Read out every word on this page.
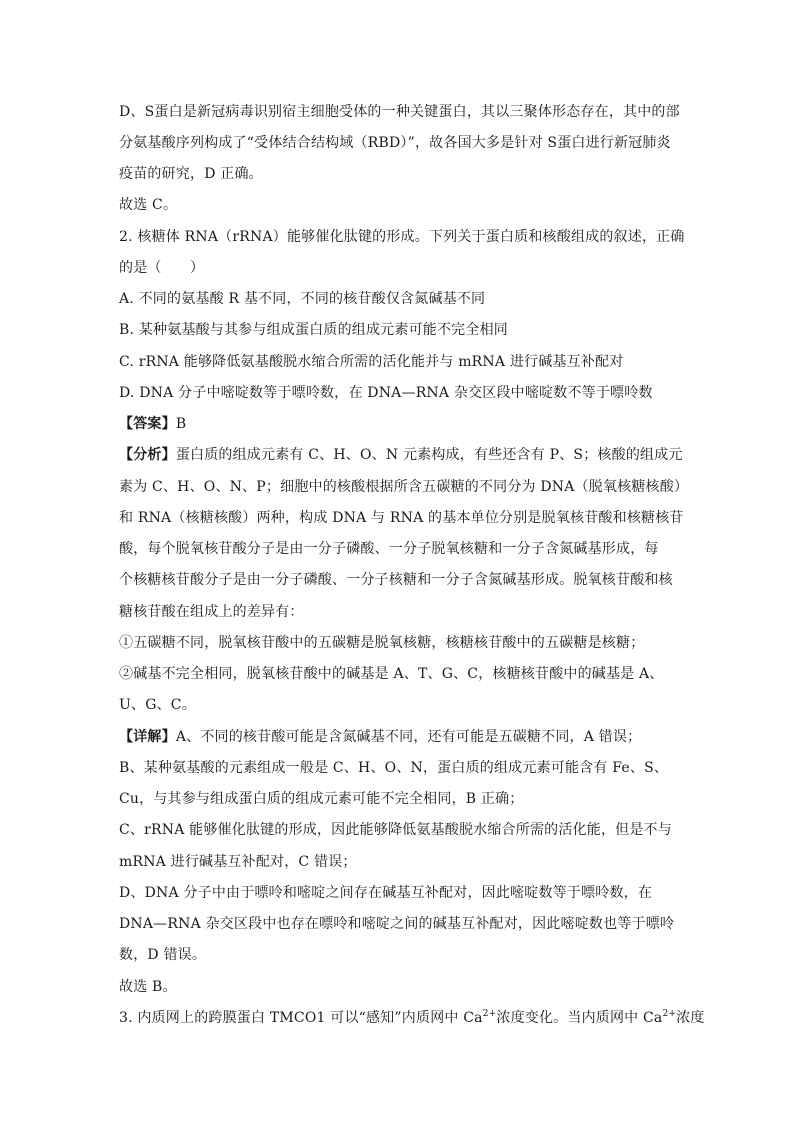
D、S蛋白是新冠病毒识别宿主细胞受体的一种关键蛋白，其以三聚体形态存在，其中的部
分氨基酸序列构成了“受体结合结构域（RBD）”，故各国大多是针对 S蛋白进行新冠肺炎
疫苗的研究，D 正确。
故选 C。
2. 核糖体 RNA（rRNA）能够催化肽键的形成。下列关于蛋白质和核酸组成的叙述，正确
的是（　　）
A. 不同的氨基酸 R 基不同，不同的核苷酸仅含氮碱基不同
B. 某种氨基酸与其参与组成蛋白质的组成元素可能不完全相同
C. rRNA 能够降低氨基酸脱水缩合所需的活化能并与 mRNA 进行碱基互补配对
D. DNA 分子中嘧啶数等于嘌呤数，在 DNA—RNA 杂交区段中嘧啶数不等于嘌呤数
【答案】B
【分析】蛋白质的组成元素有 C、H、O、N 元素构成，有些还含有 P、S；核酸的组成元
素为 C、H、O、N、P；细胞中的核酸根据所含五碳糖的不同分为 DNA（脱氧核糖核酸）
和 RNA（核糖核酸）两种，构成 DNA 与 RNA 的基本单位分别是脱氧核苷酸和核糖核苷
酸，每个脱氧核苷酸分子是由一分子磷酸、一分子脱氧核糖和一分子含氮碱基形成，每
个核糖核苷酸分子是由一分子磷酸、一分子核糖和一分子含氮碱基形成。脱氧核苷酸和核
糖核苷酸在组成上的差异有：
①五碳糖不同，脱氧核苷酸中的五碳糖是脱氧核糖，核糖核苷酸中的五碳糖是核糖；
②碱基不完全相同，脱氧核苷酸中的碱基是 A、T、G、C，核糖核苷酸中的碱基是 A、
U、G、C。
【详解】A、不同的核苷酸可能是含氮碱基不同，还有可能是五碳糖不同，A 错误；
B、某种氨基酸的元素组成一般是 C、H、O、N，蛋白质的组成元素可能含有 Fe、S、
Cu，与其参与组成蛋白质的组成元素可能不完全相同，B 正确；
C、rRNA 能够催化肽键的形成，因此能够降低氨基酸脱水缩合所需的活化能，但是不与
mRNA 进行碱基互补配对，C 错误；
D、DNA 分子中由于嘌呤和嘧啶之间存在碱基互补配对，因此嘧啶数等于嘌呤数，在
DNA—RNA 杂交区段中也存在嘌呤和嘧啶之间的碱基互补配对，因此嘧啶数也等于嘌呤
数，D 错误。
故选 B。
3. 内质网上的跨膜蛋白 TMCO1 可以“感知”内质网中 $Ca^{2+}$浓度变化。当内质网中 $Ca^{2+}$浓度
